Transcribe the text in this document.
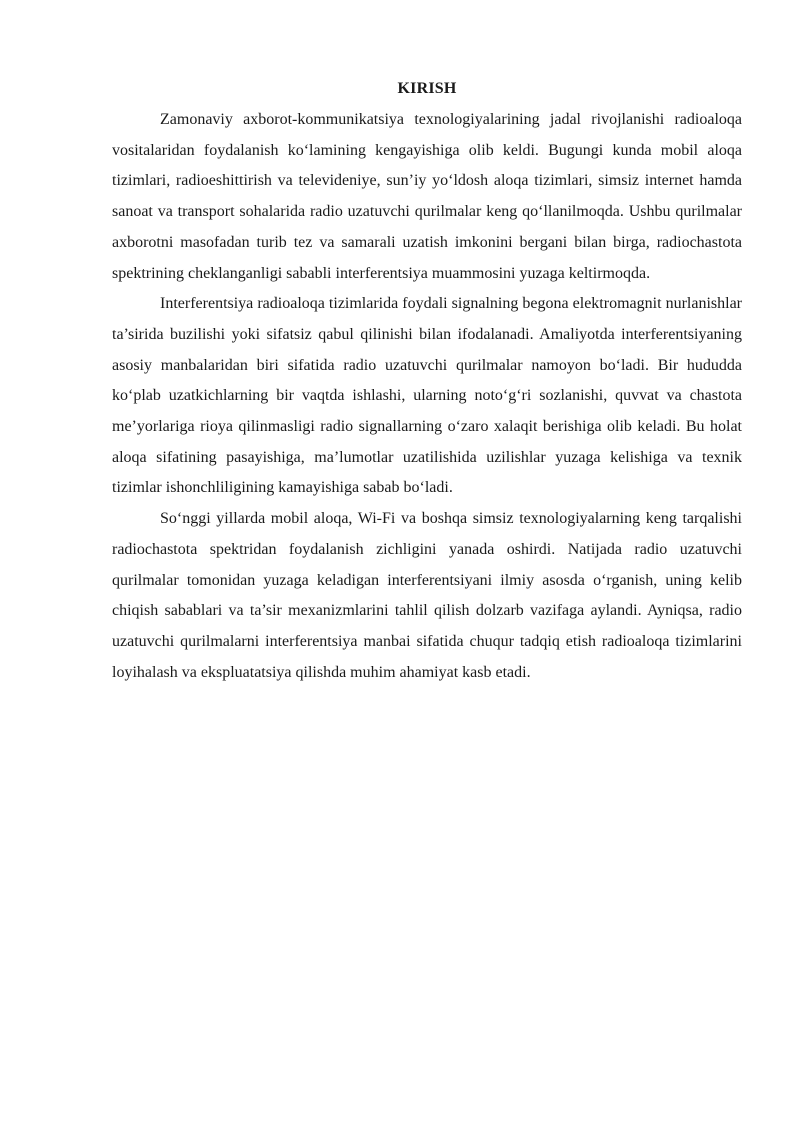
KIRISH

Zamonaviy axborot-kommunikatsiya texnologiyalarining jadal rivojlanishi radioaloqa vositalaridan foydalanish ko‘lamining kengayishiga olib keldi. Bugungi kunda mobil aloqa tizimlari, radioeshittirish va televideniye, sun’iy yo‘ldosh aloqa tizimlari, simsiz internet hamda sanoat va transport sohalarida radio uzatuvchi qurilmalar keng qo‘llanilmoqda. Ushbu qurilmalar axborotni masofadan turib tez va samarali uzatish imkonini bergani bilan birga, radiochastota spektrining cheklanganligi sababli interferentsiya muammosini yuzaga keltirmoqda.

Interferentsiya radioaloqa tizimlarida foydali signalning begona elektromagnit nurlanishlar ta’sirida buzilishi yoki sifatsiz qabul qilinishi bilan ifodalanadi. Amaliyotda interferentsiyaning asosiy manbalaridan biri sifatida radio uzatuvchi qurilmalar namoyon bo‘ladi. Bir hududda ko‘plab uzatkichlarning bir vaqtda ishlashi, ularning noto‘g‘ri sozlanishi, quvvat va chastota me’yorlariga rioya qilinmasligi radio signallarning o‘zaro xalaqit berishiga olib keladi. Bu holat aloqa sifatining pasayishiga, ma’lumotlar uzatilishida uzilishlar yuzaga kelishiga va texnik tizimlar ishonchliligining kamayishiga sabab bo‘ladi.

So‘nggi yillarda mobil aloqa, Wi-Fi va boshqa simsiz texnologiyalarning keng tarqalishi radiochastota spektridan foydalanish zichligini yanada oshirdi. Natijada radio uzatuvchi qurilmalar tomonidan yuzaga keladigan interferentsiyani ilmiy asosda o‘rganish, uning kelib chiqish sabablari va ta’sir mexanizmlarini tahlil qilish dolzarb vazifaga aylandi. Ayniqsa, radio uzatuvchi qurilmalarni interferentsiya manbai sifatida chuqur tadqiq etish radioaloqa tizimlarini loyihalash va ekspluatatsiya qilishda muhim ahamiyat kasb etadi.
